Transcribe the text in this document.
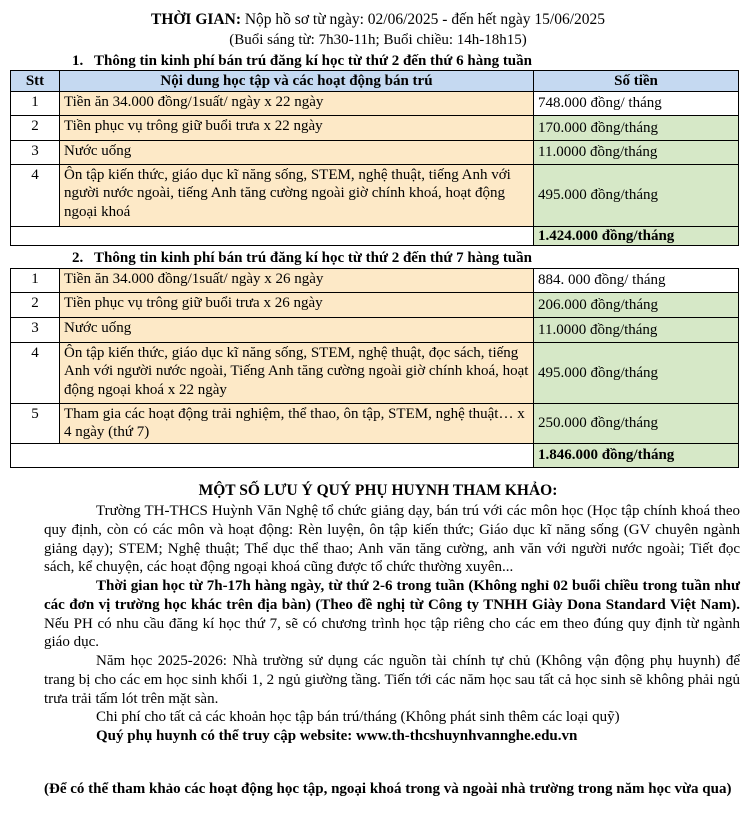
THỜI GIAN: Nộp hồ sơ từ ngày: 02/06/2025 - đến hết ngày 15/06/2025
(Buổi sáng từ: 7h30-11h; Buổi chiều: 14h-18h15)
1. Thông tin kinh phí bán trú đăng kí học từ thứ 2 đến thứ 6 hàng tuần
Stt	Nội dung học tập và các hoạt động bán trú	Số tiền
1	Tiền ăn 34.000 đồng/1suất/ ngày x 22 ngày	748.000 đồng/ tháng
2	Tiền phục vụ trông giữ buổi trưa x 22 ngày	170.000 đồng/tháng
3	Nước uống	11.0000 đồng/tháng
4	Ôn tập kiến thức, giáo dục kĩ năng sống, STEM, nghệ thuật, tiếng Anh với người nước ngoài, tiếng Anh tăng cường ngoài giờ chính khoá, hoạt động ngoại khoá	495.000 đồng/tháng
		1.424.000 đồng/tháng
2. Thông tin kinh phí bán trú đăng kí học từ thứ 2 đến thứ 7 hàng tuần
1	Tiền ăn 34.000 đồng/1suất/ ngày x 26 ngày	884. 000 đồng/ tháng
2	Tiền phục vụ trông giữ buổi trưa x 26 ngày	206.000 đồng/tháng
3	Nước uống	11.0000 đồng/tháng
4	Ôn tập kiến thức, giáo dục kĩ năng sống, STEM, nghệ thuật, đọc sách, tiếng Anh với người nước ngoài, Tiếng Anh tăng cường ngoài giờ chính khoá, hoạt động ngoại khoá x 22 ngày	495.000 đồng/tháng
5	Tham gia các hoạt động trải nghiệm, thể thao, ôn tập, STEM, nghệ thuật… x 4 ngày (thứ 7)	250.000 đồng/tháng
		1.846.000 đồng/tháng
MỘT SỐ LƯU Ý QUÝ PHỤ HUYNH THAM KHẢO:

Trường TH-THCS Huỳnh Văn Nghệ tổ chức giảng dạy, bán trú với các môn học (Học tập chính khoá theo quy định, còn có các môn và hoạt động: Rèn luyện, ôn tập kiến thức; Giáo dục kĩ năng sống (GV chuyên ngành giảng dạy); STEM; Nghệ thuật; Thể dục thể thao; Anh văn tăng cường, anh văn với người nước ngoài; Tiết đọc sách, kể chuyện, các hoạt động ngoại khoá cũng được tổ chức thường xuyên...

Thời gian học từ 7h-17h hàng ngày, từ thứ 2-6 trong tuần (Không nghỉ 02 buổi chiều trong tuần như các đơn vị trường học khác trên địa bàn) (Theo đề nghị từ Công ty TNHH Giày Dona Standard Việt Nam). Nếu PH có nhu cầu đăng kí học thứ 7, sẽ có chương trình học tập riêng cho các em theo đúng quy định từ ngành giáo dục.

Năm học 2025-2026: Nhà trường sử dụng các nguồn tài chính tự chủ (Không vận động phụ huynh) để trang bị cho các em học sinh khối 1, 2 ngủ giường tầng. Tiến tới các năm học sau tất cả học sinh sẽ không phải ngủ trưa trải tấm lót trên mặt sàn.

Chi phí cho tất cả các khoản học tập bán trú/tháng (Không phát sinh thêm các loại quỹ)

Quý phụ huynh có thể truy cập website: www.th-thcshuynhvannghe.edu.vn

(Để có thể tham khảo các hoạt động học tập, ngoại khoá trong và ngoài nhà trường trong năm học vừa qua)
